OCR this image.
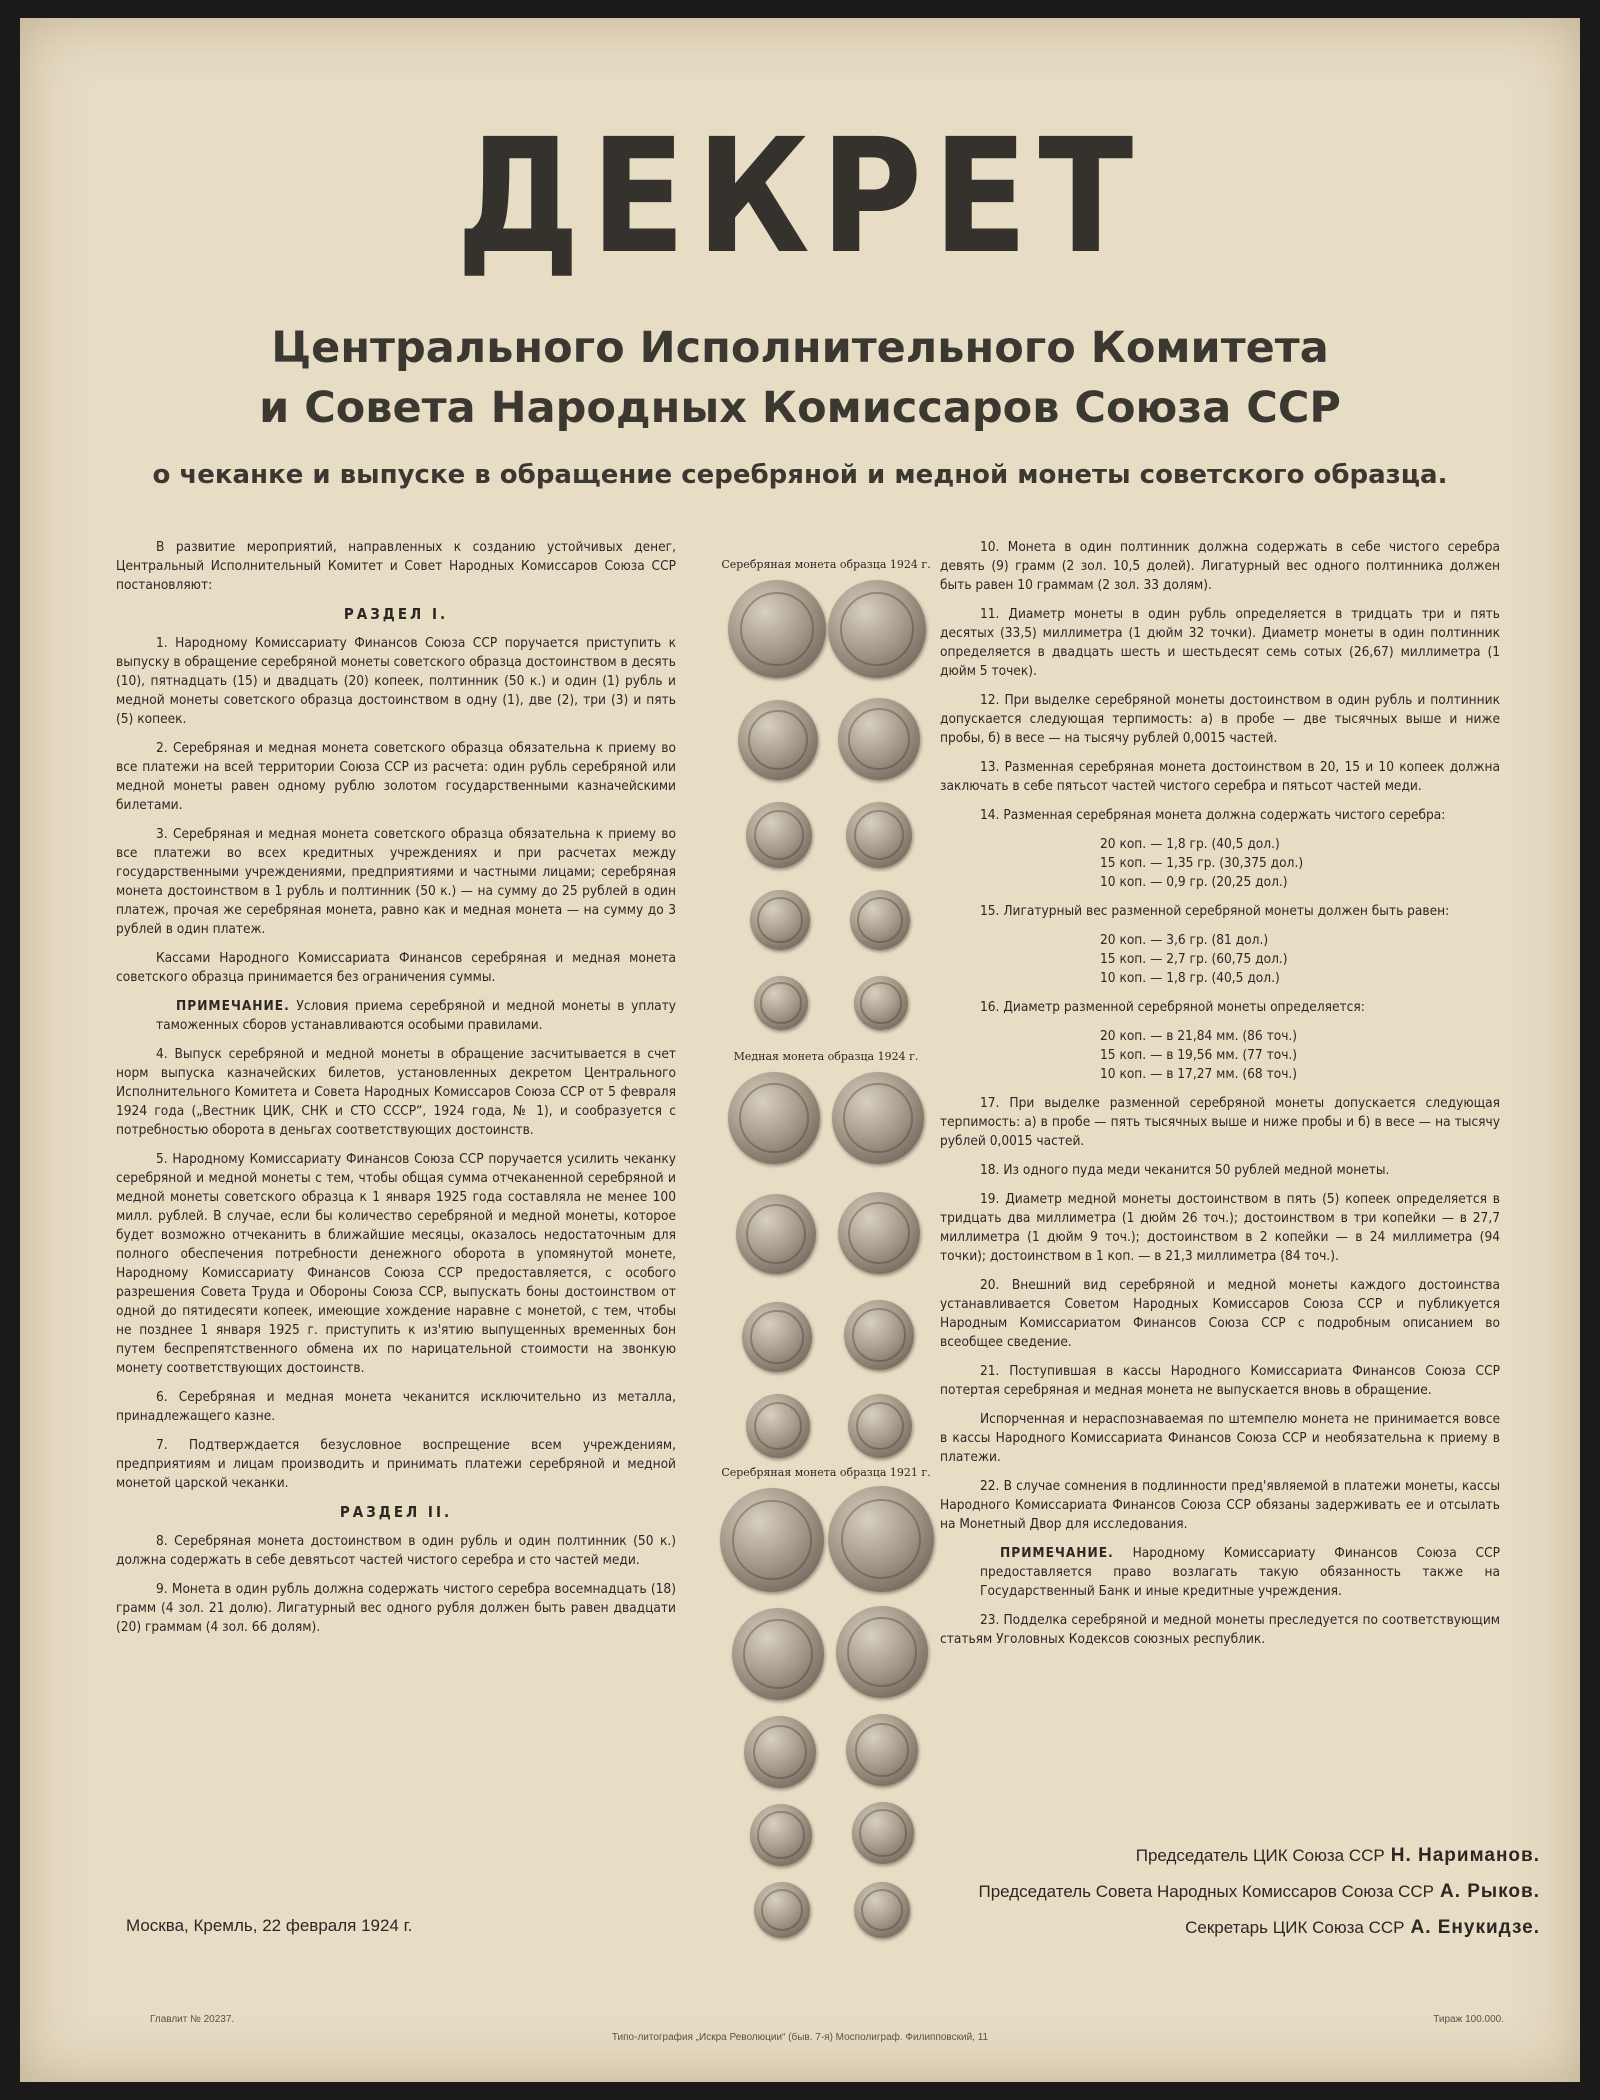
ДЕКРЕТ
Центрального Исполнительного Комитета
и Совета Народных Комиссаров Союза ССР
о чеканке и выпуске в обращение серебряной и медной монеты советского образца.

В развитие мероприятий, направленных к созданию устойчивых денег, Центральный Исполнительный Комитет и Совет Народных Комиссаров Союза ССР постановляют:

РАЗДЕЛ I.

1. Народному Комиссариату Финансов Союза ССР поручается приступить к выпуску в обращение серебряной монеты советского образца достоинством в десять (10), пятнадцать (15) и двадцать (20) копеек, полтинник (50 к.) и один (1) рубль и медной монеты советского образца достоинством в одну (1), две (2), три (3) и пять (5) копеек.

2. Серебряная и медная монета советского образца обязательна к приему во все платежи на всей территории Союза ССР из расчета: один рубль серебряной или медной монеты равен одному рублю золотом государственными казначейскими билетами.

3. Серебряная и медная монета советского образца обязательна к приему во все платежи во всех кредитных учреждениях и при расчетах между государственными учреждениями, предприятиями и частными лицами; серебряная монета достоинством в 1 рубль и полтинник (50 к.) — на сумму до 25 рублей в один платеж, прочая же серебряная монета, равно как и медная монета — на сумму до 3 рублей в один платеж.

Кассами Народного Комиссариата Финансов серебряная и медная монета советского образца принимается без ограничения суммы.

ПРИМЕЧАНИЕ. Условия приема серебряной и медной монеты в уплату таможенных сборов устанавливаются особыми правилами.

4. Выпуск серебряной и медной монеты в обращение засчитывается в счет норм выпуска казначейских билетов, установленных декретом Центрального Исполнительного Комитета и Совета Народных Комиссаров Союза ССР от 5 февраля 1924 года („Вестник ЦИК, СНК и СТО СССР“, 1924 года, № 1), и сообразуется с потребностью оборота в деньгах соответствующих достоинств.

5. Народному Комиссариату Финансов Союза ССР поручается усилить чеканку серебряной и медной монеты с тем, чтобы общая сумма отчеканенной серебряной и медной монеты советского образца к 1 января 1925 года составляла не менее 100 милл. рублей. В случае, если бы количество серебряной и медной монеты, которое будет возможно отчеканить в ближайшие месяцы, оказалось недостаточным для полного обеспечения потребности денежного оборота в упомянутой монете, Народному Комиссариату Финансов Союза ССР предоставляется, с особого разрешения Совета Труда и Обороны Союза ССР, выпускать боны достоинством от одной до пятидесяти копеек, имеющие хождение наравне с монетой, с тем, чтобы не позднее 1 января 1925 г. приступить к из'ятию выпущенных временных бон путем беспрепятственного обмена их по нарицательной стоимости на звонкую монету соответствующих достоинств.

6. Серебряная и медная монета чеканится исключительно из металла, принадлежащего казне.

7. Подтверждается безусловное воспрещение всем учреждениям, предприятиям и лицам производить и принимать платежи серебряной и медной монетой царской чеканки.

РАЗДЕЛ II.

8. Серебряная монета достоинством в один рубль и один полтинник (50 к.) должна содержать в себе девятьсот частей чистого серебра и сто частей меди.

9. Монета в один рубль должна содержать чистого серебра восемнадцать (18) грамм (4 зол. 21 долю). Лигатурный вес одного рубля должен быть равен двадцати (20) граммам (4 зол. 66 долям).

Серебряная монета образца 1924 г.
Медная монета образца 1924 г.
Серебряная монета образца 1921 г.

10. Монета в один полтинник должна содержать в себе чистого серебра девять (9) грамм (2 зол. 10,5 долей). Лигатурный вес одного полтинника должен быть равен 10 граммам (2 зол. 33 долям).

11. Диаметр монеты в один рубль определяется в тридцать три и пять десятых (33,5) миллиметра (1 дюйм 32 точки). Диаметр монеты в один полтинник определяется в двадцать шесть и шестьдесят семь сотых (26,67) миллиметра (1 дюйм 5 точек).

12. При выделке серебряной монеты достоинством в один рубль и полтинник допускается следующая терпимость: а) в пробе — две тысячных выше и ниже пробы, б) в весе — на тысячу рублей 0,0015 частей.

13. Разменная серебряная монета достоинством в 20, 15 и 10 копеек должна заключать в себе пятьсот частей чистого серебра и пятьсот частей меди.

14. Разменная серебряная монета должна содержать чистого серебра:

20 коп. — 1,8 гр. (40,5 дол.)
15 коп. — 1,35 гр. (30,375 дол.)
10 коп. — 0,9 гр. (20,25 дол.)

15. Лигатурный вес разменной серебряной монеты должен быть равен:

20 коп. — 3,6 гр. (81 дол.)
15 коп. — 2,7 гр. (60,75 дол.)
10 коп. — 1,8 гр. (40,5 дол.)

16. Диаметр разменной серебряной монеты определяется:

20 коп. — в 21,84 мм. (86 точ.)
15 коп. — в 19,56 мм. (77 точ.)
10 коп. — в 17,27 мм. (68 точ.)

17. При выделке разменной серебряной монеты допускается следующая терпимость: а) в пробе — пять тысячных выше и ниже пробы и б) в весе — на тысячу рублей 0,0015 частей.

18. Из одного пуда меди чеканится 50 рублей медной монеты.

19. Диаметр медной монеты достоинством в пять (5) копеек определяется в тридцать два миллиметра (1 дюйм 26 точ.); достоинством в три копейки — в 27,7 миллиметра (1 дюйм 9 точ.); достоинством в 2 копейки — в 24 миллиметра (94 точки); достоинством в 1 коп. — в 21,3 миллиметра (84 точ.).

20. Внешний вид серебряной и медной монеты каждого достоинства устанавливается Советом Народных Комиссаров Союза ССР и публикуется Народным Комиссариатом Финансов Союза ССР с подробным описанием во всеобщее сведение.

21. Поступившая в кассы Народного Комиссариата Финансов Союза ССР потертая серебряная и медная монета не выпускается вновь в обращение.

Испорченная и нераспознаваемая по штемпелю монета не принимается вовсе в кассы Народного Комиссариата Финансов Союза ССР и необязательна к приему в платежи.

22. В случае сомнения в подлинности пред'являемой в платежи монеты, кассы Народного Комиссариата Финансов Союза ССР обязаны задерживать ее и отсылать на Монетный Двор для исследования.

ПРИМЕЧАНИЕ. Народному Комиссариату Финансов Союза ССР предоставляется право возлагать такую обязанность также на Государственный Банк и иные кредитные учреждения.

23. Подделка серебряной и медной монеты преследуется по соответствующим статьям Уголовных Кодексов союзных республик.

Председатель ЦИК Союза ССР Н. Нариманов.
Председатель Совета Народных Комиссаров Союза ССР А. Рыков.
Секретарь ЦИК Союза ССР А. Енукидзе.
Москва, Кремль, 22 февраля 1924 г.
Главлит № 20237.
Типо-литография „Искра Революции“ (быв. 7-я) Мосполиграф. Филипповский, 11
Тираж 100.000.
